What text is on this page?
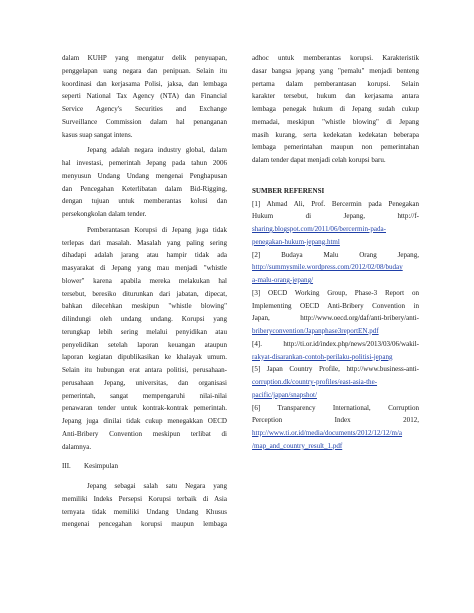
dalam KUHP yang mengatur delik penyuapan,
penggelapan uang negara dan penipuan. Selain itu
koordinasi dan kerjasama Polisi, jaksa, dan lembaga
seperti National Tax Agency (NTA) dan Financial
Service Agency's Securities and Exchange
Surveillance Commission dalam hal penanganan
kasus suap sangat intens.
Jepang adalah negara industry global, dalam
hal investasi, pemerintah Jepang pada tahun 2006
menyusun Undang Undang mengenai Penghapusan
dan Pencegahan Keterlibatan dalam Bid-Rigging,
dengan tujuan untuk memberantas kolusi dan
persekongkolan dalam tender.
Pemberantasan Korupsi di Jepang juga tidak
terlepas dari masalah. Masalah yang paling sering
dihadapi adalah jarang atau hampir tidak ada
masyarakat di Jepang yang mau menjadi "whistle
blower" karena apabila mereka melakukan hal
tersebut, beresiko diturunkan dari jabatan, dipecat,
bahkan dilecehkan meskipun "whistle blowing"
dilindungi oleh undang undang. Korupsi yang
terungkap lebih sering melalui penyidikan atau
penyelidikan setelah laporan keuangan ataupun
laporan kegiatan dipublikasikan ke khalayak umum.
Selain itu hubungan erat antara politisi, perusahaan-
perusahaan Jepang, universitas, dan organisasi
pemerintah, sangat mempengaruhi nilai-nilai
penawaran tender untuk kontrak-kontrak pemerintah.
Jepang juga dinilai tidak cukup menegakkan OECD
Anti-Bribery Convention meskipun terlibat di
dalamnya.
III. Kesimpulan
Jepang sebagai salah satu Negara yang
memiliki Indeks Persepsi Korupsi terbaik di Asia
ternyata tidak memiliki Undang Undang Khusus
mengenai pencegahan korupsi maupun lembaga
adhoc untuk memberantas korupsi. Karakteristik
dasar bangsa jepang yang "pemalu" menjadi benteng
pertama dalam pemberantasan korupsi. Selain
karakter tersebut, hukum dan kerjasama antara
lembaga penegak hukum di Jepang sudah cukup
memadai, meskipun "whistle blowing" di Jepang
masih kurang, serta kedekatan kedekatan beberapa
lembaga pemerintahan maupun non pemerintahan
dalam tender dapat menjadi celah korupsi baru.
SUMBER REFERENSI
[1] Ahmad Ali, Prof. Bercermin pada Penegakan
Hukum di Jepang, http://f-
sharing.blogspot.com/2011/06/bercermin-pada-
penegakan-hukum-jepang.html
[2] Budaya Malu Orang Jepang,
http://summysmile.wordpress.com/2012/02/08/buday
a-malu-orang-jepang/
[3] OECD Working Group, Phase-3 Report on
Implementing OECD Anti-Bribery Convention in
Japan, http://www.oecd.org/daf/anti-bribery/anti-
briberyconvention/Japanphase3reportEN.pdf
[4]. http://ti.or.id/index.php/news/2013/03/06/wakil-
rakyat-disarankan-contoh-perilaku-politisi-jepang
[5] Japan Country Profile, http://www.business-anti-
corruption.dk/country-profiles/east-asia-the-
pacific/japan/snapshot/
[6] Transparency International, Corruption
Perception Index 2012,
http://www.ti.or.id/media/documents/2012/12/12/m/a
/map_and_country_result_1.pdf
